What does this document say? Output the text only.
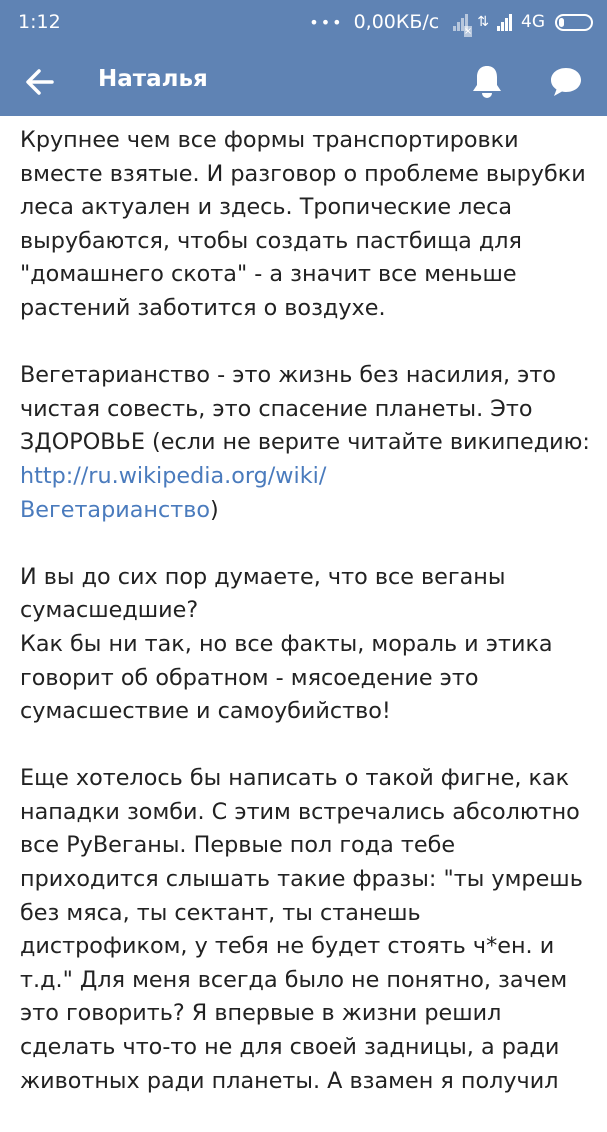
1:12	••• 0,00КБ/с ×
⇅ 4G
Наталья

Крупнее чем все формы транспортировки вместе взятые. И разговор о проблеме вырубки леса актуален и здесь. Тропические леса вырубаются, чтобы создать пастбища для "домашнего скота" - а значит все меньше растений заботится о воздухе.

Вегетарианство - это жизнь без насилия, это чистая совесть, это спасение планеты. Это ЗДОРОВЬЕ (если не верите читайте википедию: http://ru.wikipedia.org/wiki/
Вегетарианство)

И вы до сих пор думаете, что все веганы сумасшедшие?
Как бы ни так, но все факты, мораль и этика говорит об обратном - мясоедение это сумасшествие и самоубийство!

Еще хотелось бы написать о такой фигне, как нападки зомби. С этим встречались абсолютно все РуВеганы. Первые пол года тебе приходится слышать такие фразы: "ты умрешь без мяса, ты сектант, ты станешь дистрофиком, у тебя не будет стоять ч*ен. и т.д." Для меня всегда было не понятно, зачем это говорить? Я впервые в жизни решил сделать что-то не для своей задницы, а ради животных ради планеты. А взамен я получил
